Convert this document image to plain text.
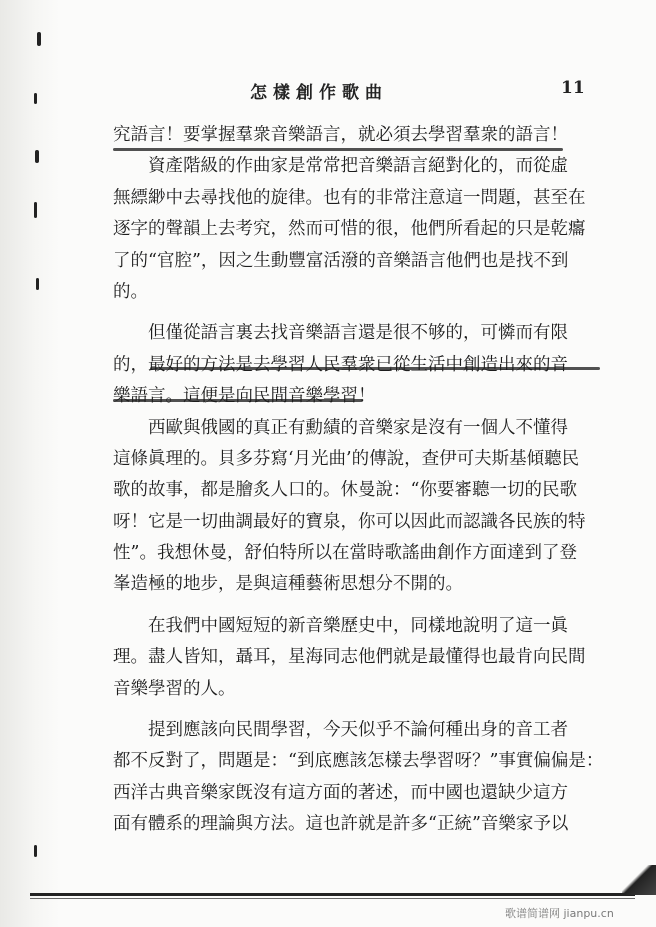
怎樣創作歌曲	11
究語言！要掌握羣衆音樂語言，就必須去學習羣衆的語言！
資產階級的作曲家是常常把音樂語言絕對化的，而從虛
無縹緲中去尋找他的旋律。也有的非常注意這一問題，甚至在
逐字的聲韻上去考究，然而可惜的很，他們所看起的只是乾癟
了的“官腔”，因之生動豐富活潑的音樂語言他們也是找不到
的。
但僅從語言裏去找音樂語言還是很不够的，可憐而有限
的，最好的方法是去學習人民羣衆已從生活中創造出來的音
樂語言。這便是向民間音樂學習！
西歐與俄國的真正有勳績的音樂家是沒有一個人不懂得
這條眞理的。貝多芬寫‘月光曲’的傳說，查伊可夫斯基傾聽民
歌的故事，都是膾炙人口的。休曼說：“你要審聽一切的民歌
呀！它是一切曲調最好的寶泉，你可以因此而認識各民族的特
性”。我想休曼，舒伯特所以在當時歌謠曲創作方面達到了登
峯造極的地步，是與這種藝術思想分不開的。
在我們中國短短的新音樂歷史中，同樣地說明了這一眞
理。盡人皆知，聶耳，星海同志他們就是最懂得也最肯向民間
音樂學習的人。
提到應該向民間學習，今天似乎不論何種出身的音工者
都不反對了，問題是：“到底應該怎樣去學習呀？”事實偏偏是：
西洋古典音樂家旣沒有這方面的著述，而中國也還缺少這方
面有體系的理論與方法。這也許就是許多“正統”音樂家予以
歌谱简谱网 jianpu.cn
